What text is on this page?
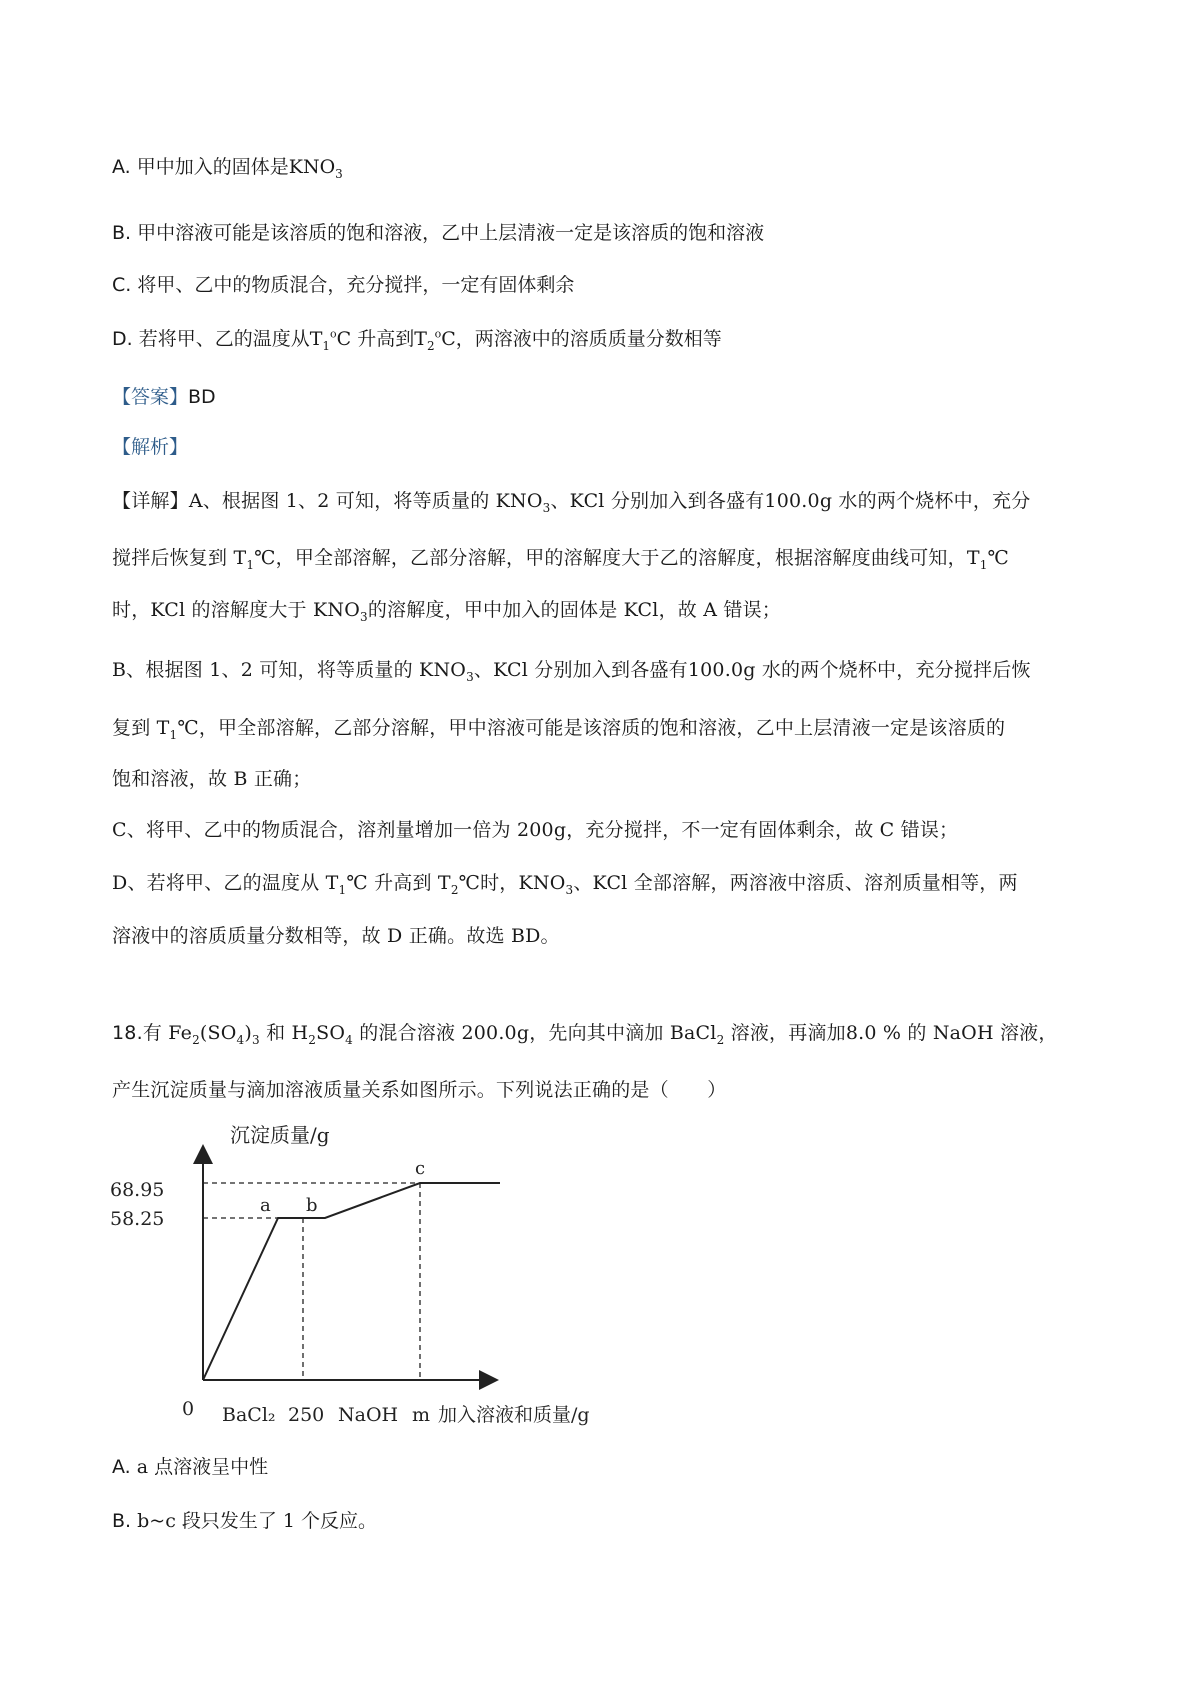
A. 甲中加入的固体是$KNO_3$
B. 甲中溶液可能是该溶质的饱和溶液，乙中上层清液一定是该溶质的饱和溶液
C. 将甲、乙中的物质混合，充分搅拌，一定有固体剩余
D. 若将甲、乙的温度从$T_1^oC$ 升高到$T_2^oC$，两溶液中的溶质质量分数相等
【答案】BD
【解析】
【详解】A、根据图 1、2 可知，将等质量的 $KNO_3$、KCl 分别加入到各盛有100.0g 水的两个烧杯中，充分
搅拌后恢复到 $T_1℃$，甲全部溶解，乙部分溶解，甲的溶解度大于乙的溶解度，根据溶解度曲线可知，$T_1℃$
时，KCl 的溶解度大于 $KNO_3$的溶解度，甲中加入的固体是 KCl，故 A 错误；
B、根据图 1、2 可知，将等质量的 $KNO_3$、KCl 分别加入到各盛有100.0g 水的两个烧杯中，充分搅拌后恢
复到 $T_1℃$，甲全部溶解，乙部分溶解，甲中溶液可能是该溶质的饱和溶液，乙中上层清液一定是该溶质的
饱和溶液，故 B 正确；
C、将甲、乙中的物质混合，溶剂量增加一倍为 200g，充分搅拌，不一定有固体剩余，故 C 错误；
D、若将甲、乙的温度从 $T_1℃$ 升高到 $T_2℃$时，$KNO_3$、KCl 全部溶解，两溶液中溶质、溶剂质量相等，两
溶液中的溶质质量分数相等，故 D 正确。故选 BD。
18.有 $Fe_2(SO_4)_3$ 和 $H_2SO_4$ 的混合溶液 200.0g，先向其中滴加 BaCl$_2$ 溶液，再滴加8.0 % 的 NaOH 溶液，
产生沉淀质量与滴加溶液质量关系如图所示。下列说法正确的是（　　）
沉淀质量/g
68.95
58.25
a b
c
0 BaCl₂ 250 NaOH m 加入溶液和质量/g
A. a 点溶液呈中性
B. b~c 段只发生了 1 个反应。
